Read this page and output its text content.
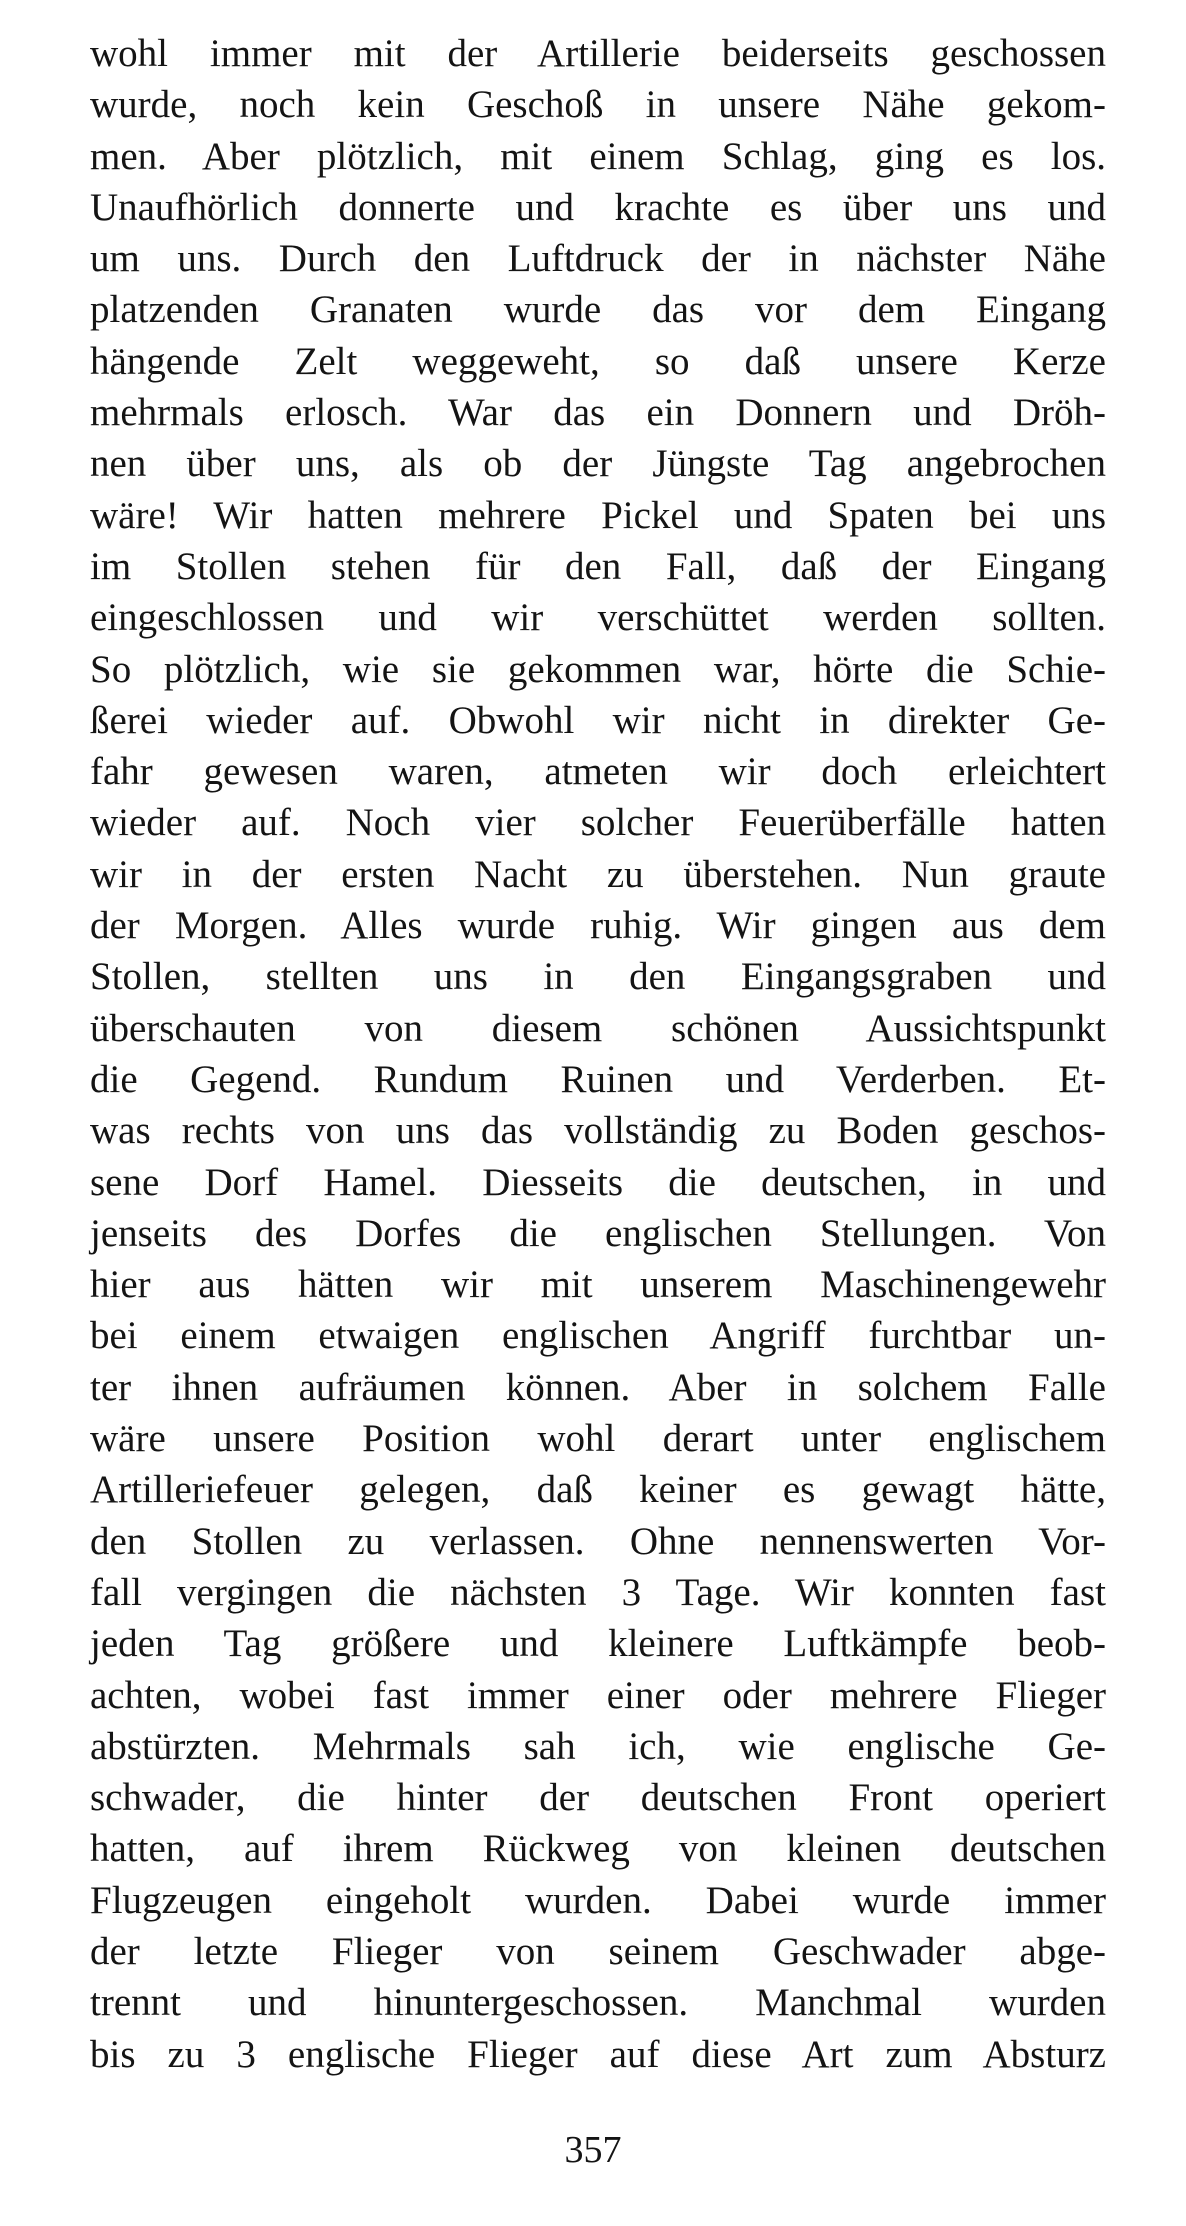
wohl immer mit der Artillerie beiderseits geschossen
wurde, noch kein Geschoß in unsere Nähe gekom-
men. Aber plötzlich, mit einem Schlag, ging es los.
Unaufhörlich donnerte und krachte es über uns und
um uns. Durch den Luftdruck der in nächster Nähe
platzenden Granaten wurde das vor dem Eingang
hängende Zelt weggeweht, so daß unsere Kerze
mehrmals erlosch. War das ein Donnern und Dröh-
nen über uns, als ob der Jüngste Tag angebrochen
wäre! Wir hatten mehrere Pickel und Spaten bei uns
im Stollen stehen für den Fall, daß der Eingang
eingeschlossen und wir verschüttet werden sollten.
So plötzlich, wie sie gekommen war, hörte die Schie-
ßerei wieder auf. Obwohl wir nicht in direkter Ge-
fahr gewesen waren, atmeten wir doch erleichtert
wieder auf. Noch vier solcher Feuerüberfälle hatten
wir in der ersten Nacht zu überstehen. Nun graute
der Morgen. Alles wurde ruhig. Wir gingen aus dem
Stollen, stellten uns in den Eingangsgraben und
überschauten von diesem schönen Aussichtspunkt
die Gegend. Rundum Ruinen und Verderben. Et-
was rechts von uns das vollständig zu Boden geschos-
sene Dorf Hamel. Diesseits die deutschen, in und
jenseits des Dorfes die englischen Stellungen. Von
hier aus hätten wir mit unserem Maschinengewehr
bei einem etwaigen englischen Angriff furchtbar un-
ter ihnen aufräumen können. Aber in solchem Falle
wäre unsere Position wohl derart unter englischem
Artilleriefeuer gelegen, daß keiner es gewagt hätte,
den Stollen zu verlassen. Ohne nennenswerten Vor-
fall vergingen die nächsten 3 Tage. Wir konnten fast
jeden Tag größere und kleinere Luftkämpfe beob-
achten, wobei fast immer einer oder mehrere Flieger
abstürzten. Mehrmals sah ich, wie englische Ge-
schwader, die hinter der deutschen Front operiert
hatten, auf ihrem Rückweg von kleinen deutschen
Flugzeugen eingeholt wurden. Dabei wurde immer
der letzte Flieger von seinem Geschwader abge-
trennt und hinuntergeschossen. Manchmal wurden
bis zu 3 englische Flieger auf diese Art zum Absturz
357
